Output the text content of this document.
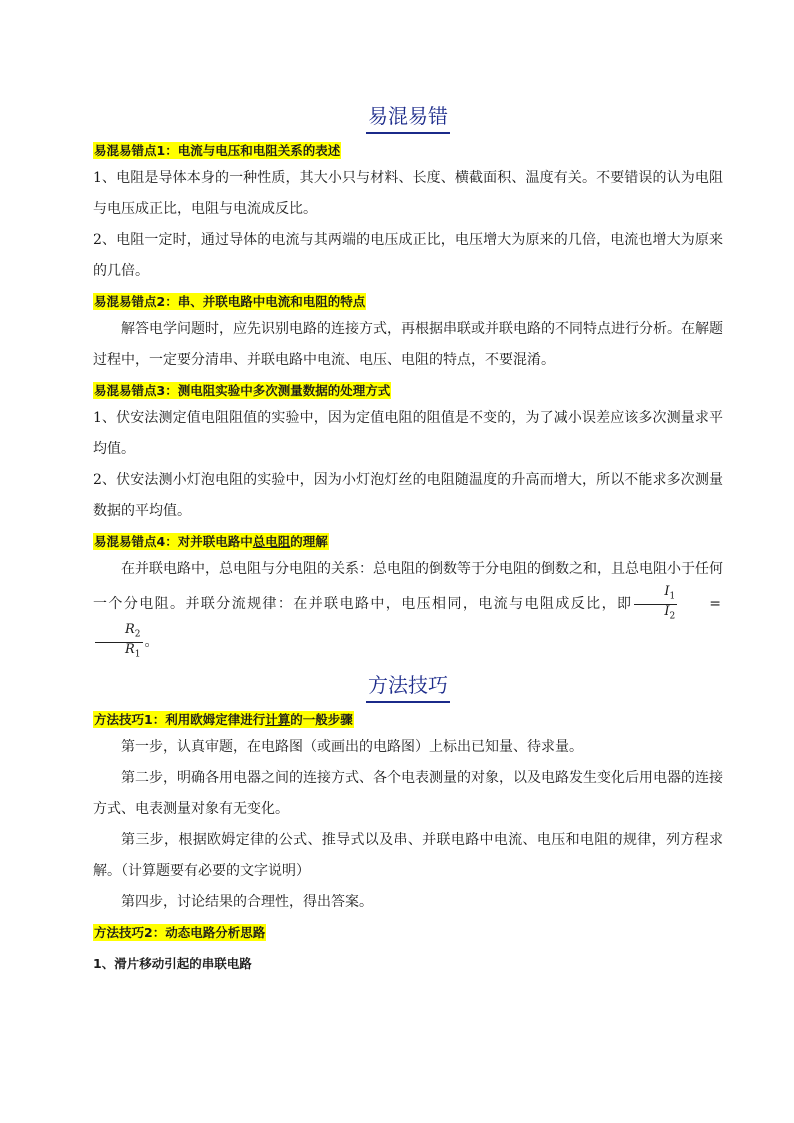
易混易错
易混易错点1：电流与电压和电阻关系的表述

1、电阻是导体本身的一种性质，其大小只与材料、长度、横截面积、温度有关。不要错误的认为电阻与电压成正比，电阻与电流成反比。

2、电阻一定时，通过导体的电流与其两端的电压成正比，电压增大为原来的几倍，电流也增大为原来的几倍。

易混易错点2：串、并联电路中电流和电阻的特点

解答电学问题时，应先识别电路的连接方式，再根据串联或并联电路的不同特点进行分析。在解题过程中，一定要分清串、并联电路中电流、电压、电阻的特点，不要混淆。

易混易错点3：测电阻实验中多次测量数据的处理方式

1、伏安法测定值电阻阻值的实验中，因为定值电阻的阻值是不变的，为了减小误差应该多次测量求平均值。

2、伏安法测小灯泡电阻的实验中，因为小灯泡灯丝的电阻随温度的升高而增大，所以不能求多次测量数据的平均值。

易混易错点4：对并联电路中总电阻的理解

在并联电路中，总电阻与分电阻的关系：总电阻的倒数等于分电阻的倒数之和，且总电阻小于任何一个分电阻。并联分流规律：在并联电路中，电压相同，电流与电阻成反比，即 $\frac{I_1}{I_2}$ =
$\frac{R_2}{R_1}$ 。

方法技巧
方法技巧1：利用欧姆定律进行计算的一般步骤

第一步，认真审题，在电路图（或画出的电路图）上标出已知量、待求量。

第二步，明确各用电器之间的连接方式、各个电表测量的对象，以及电路发生变化后用电器的连接方式、电表测量对象有无变化。

第三步，根据欧姆定律的公式、推导式以及串、并联电路中电流、电压和电阻的规律，列方程求解。（计算题要有必要的文字说明）

第四步，讨论结果的合理性，得出答案。

方法技巧2：动态电路分析思路
1、滑片移动引起的串联电路
